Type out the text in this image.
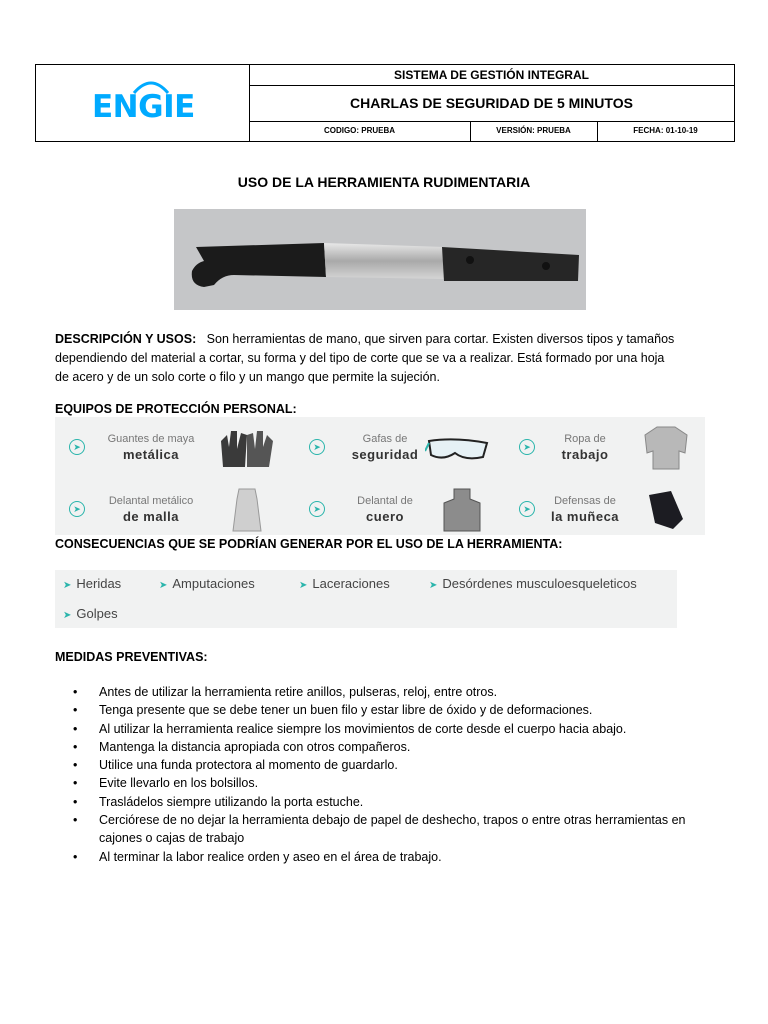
ENGIE
SISTEMA DE GESTIÓN INTEGRAL
CHARLAS DE SEGURIDAD DE 5 MINUTOS
CODIGO: PRUEBA	VERSIÓN: PRUEBA	FECHA: 01-10-19
USO DE LA HERRAMIENTA RUDIMENTARIA
DESCRIPCIÓN Y USOS: Son herramientas de mano, que sirven para cortar. Existen diversos tipos y tamaños
dependiendo del material a cortar, su forma y del tipo de corte que se va a realizar. Está formado por una hoja
de acero y de un solo corte o filo y un mango que permite la sujeción.
EQUIPOS DE PROTECCIÓN PERSONAL:
➤
Guantes de maya
metálica	➤
Gafas de
seguridad	➤
Ropa de
trabajo
➤
Delantal metálico
de malla	➤
Delantal de
cuero	➤
Defensas de
la muñeca
CONSECUENCIAS QUE SE PODRÍAN GENERAR POR EL USO DE LA HERRAMIENTA:
➤ Heridas	➤ Amputaciones	➤ Laceraciones	➤ Desórdenes musculoesqueleticos
➤ Golpes
MEDIDAS PREVENTIVAS:
• Antes de utilizar la herramienta retire anillos, pulseras, reloj, entre otros.
• Tenga presente que se debe tener un buen filo y estar libre de óxido y de deformaciones.
• Al utilizar la herramienta realice siempre los movimientos de corte desde el cuerpo hacia abajo.
• Mantenga la distancia apropiada con otros compañeros.
• Utilice una funda protectora al momento de guardarlo.
• Evite llevarlo en los bolsillos.
• Trasládelos siempre utilizando la porta estuche.
• Cerciórese de no dejar la herramienta debajo de papel de deshecho, trapos o entre otras herramientas en cajones o cajas de trabajo
• Al terminar la labor realice orden y aseo en el área de trabajo.
